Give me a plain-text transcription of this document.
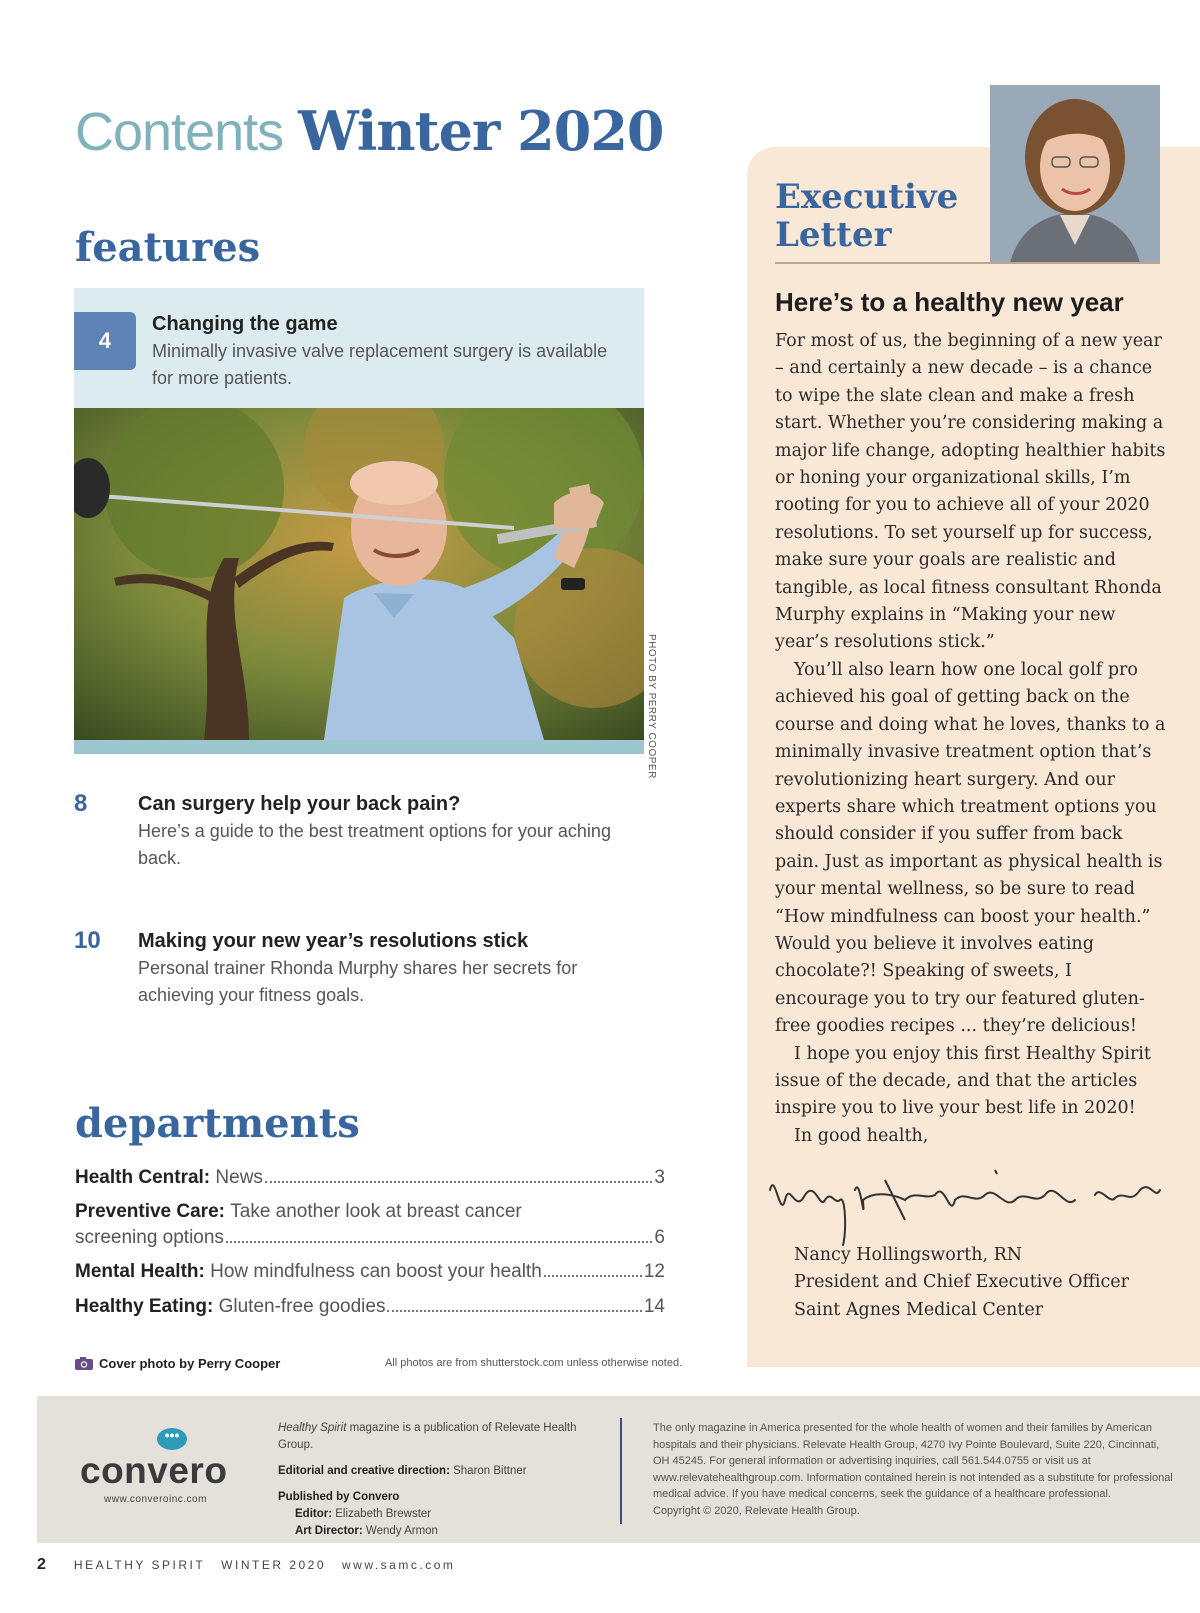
Contents Winter 2020
features
4
Changing the game
Minimally invasive valve replacement surgery is available for more patients.
PHOTO BY PERRY COOPER
8	Can surgery help your back pain?
Here’s a guide to the best treatment options for your aching back.
10 Making your new year’s resolutions stick
Personal trainer Rhonda Murphy shares her secrets for achieving your fitness goals.
departments
Health Central:
News	3
Preventive Care:
Take another look at breast cancer
screening options	6
Mental Health:
How mindfulness can boost your health	12
Healthy Eating:
Gluten-free goodies	14
Cover photo by Perry Cooper	All photos are from shutterstock.com unless otherwise noted.
Executive
Letter
Here’s to a healthy new year

For most of us, the beginning of a new year – and certainly a new decade – is a chance to wipe the slate clean and make a fresh start. Whether you’re considering making a major life change, adopting healthier habits or honing your organizational skills, I’m rooting for you to achieve all of your 2020 resolutions. To set yourself up for success, make sure your goals are realistic and tangible, as local fitness consultant Rhonda Murphy explains in “Making your new year’s resolutions stick.”

You’ll also learn how one local golf pro achieved his goal of getting back on the course and doing what he loves, thanks to a minimally invasive treatment option that’s revolutionizing heart surgery. And our experts share which treatment options you should consider if you suffer from back pain. Just as important as physical health is your mental wellness, so be sure to read “How mindfulness can boost your health.” Would you believe it involves eating chocolate?! Speaking of sweets, I encourage you to try our featured gluten-free goodies recipes ... they’re delicious!

I hope you enjoy this first Healthy Spirit issue of the decade, and that the articles inspire you to live your best life in 2020!

In good health,

Nancy Hollingsworth, RN
President and Chief Executive Officer
Saint Agnes Medical Center
•••
convero
www.converoinc.com
Healthy Spirit magazine is a publication of Relevate Health Group.
Editorial and creative direction: Sharon Bittner
Published by Convero
Editor: Elizabeth Brewster
Art Director: Wendy Armon
The only magazine in America presented for the whole health of women and their families by American hospitals and their physicians. Relevate Health Group, 4270 Ivy Pointe Boulevard, Suite 220, Cincinnati, OH 45245. For general information or advertising inquiries, call 561.544.0755 or visit us at www.relevatehealthgroup.com. Information contained herein is not intended as a substitute for professional medical advice. If you have medical concerns, seek the guidance of a healthcare professional.
Copyright © 2020, Relevate Health Group.
2 HEALTHY SPIRIT WINTER 2020 www.samc.com
